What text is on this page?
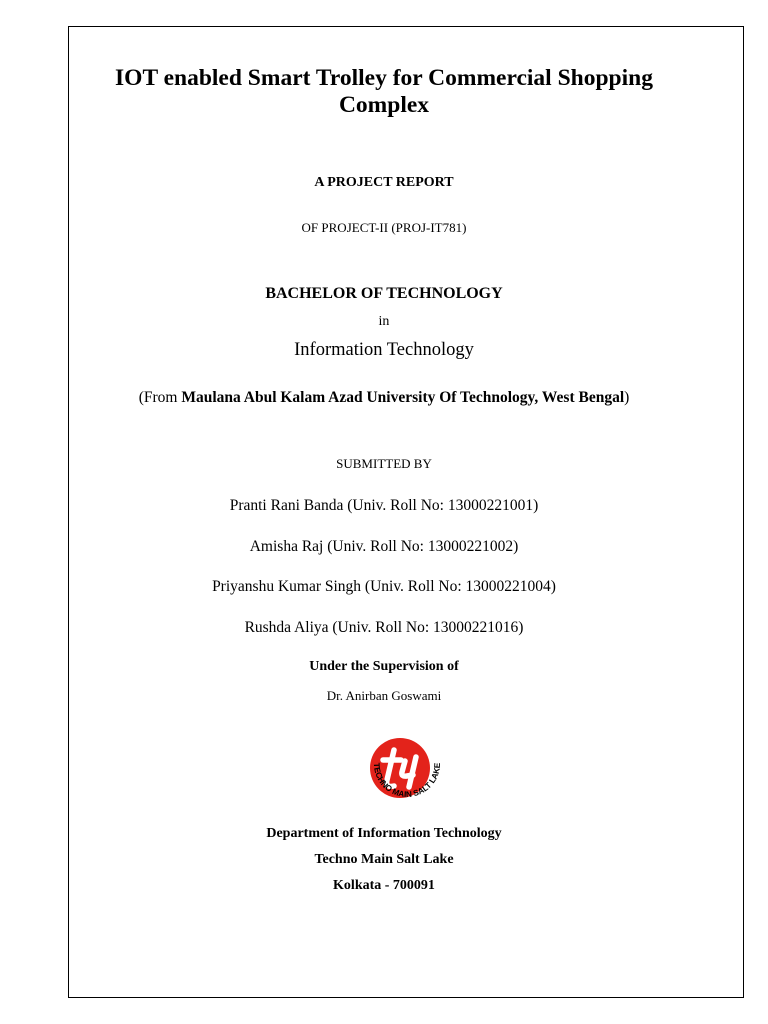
IOT enabled Smart Trolley for Commercial Shopping
Complex
A PROJECT REPORT
OF PROJECT-II (PROJ-IT781)
BACHELOR OF TECHNOLOGY
in
Information Technology
(From Maulana Abul Kalam Azad University Of Technology, West Bengal)
SUBMITTED BY
Pranti Rani Banda (Univ. Roll No: 13000221001)
Amisha Raj (Univ. Roll No: 13000221002)
Priyanshu Kumar Singh (Univ. Roll No: 13000221004)
Rushda Aliya (Univ. Roll No: 13000221016)
Under the Supervision of
Dr. Anirban Goswami
TECHNO MAIN SALT LAKE
Department of Information Technology
Techno Main Salt Lake
Kolkata - 700091
